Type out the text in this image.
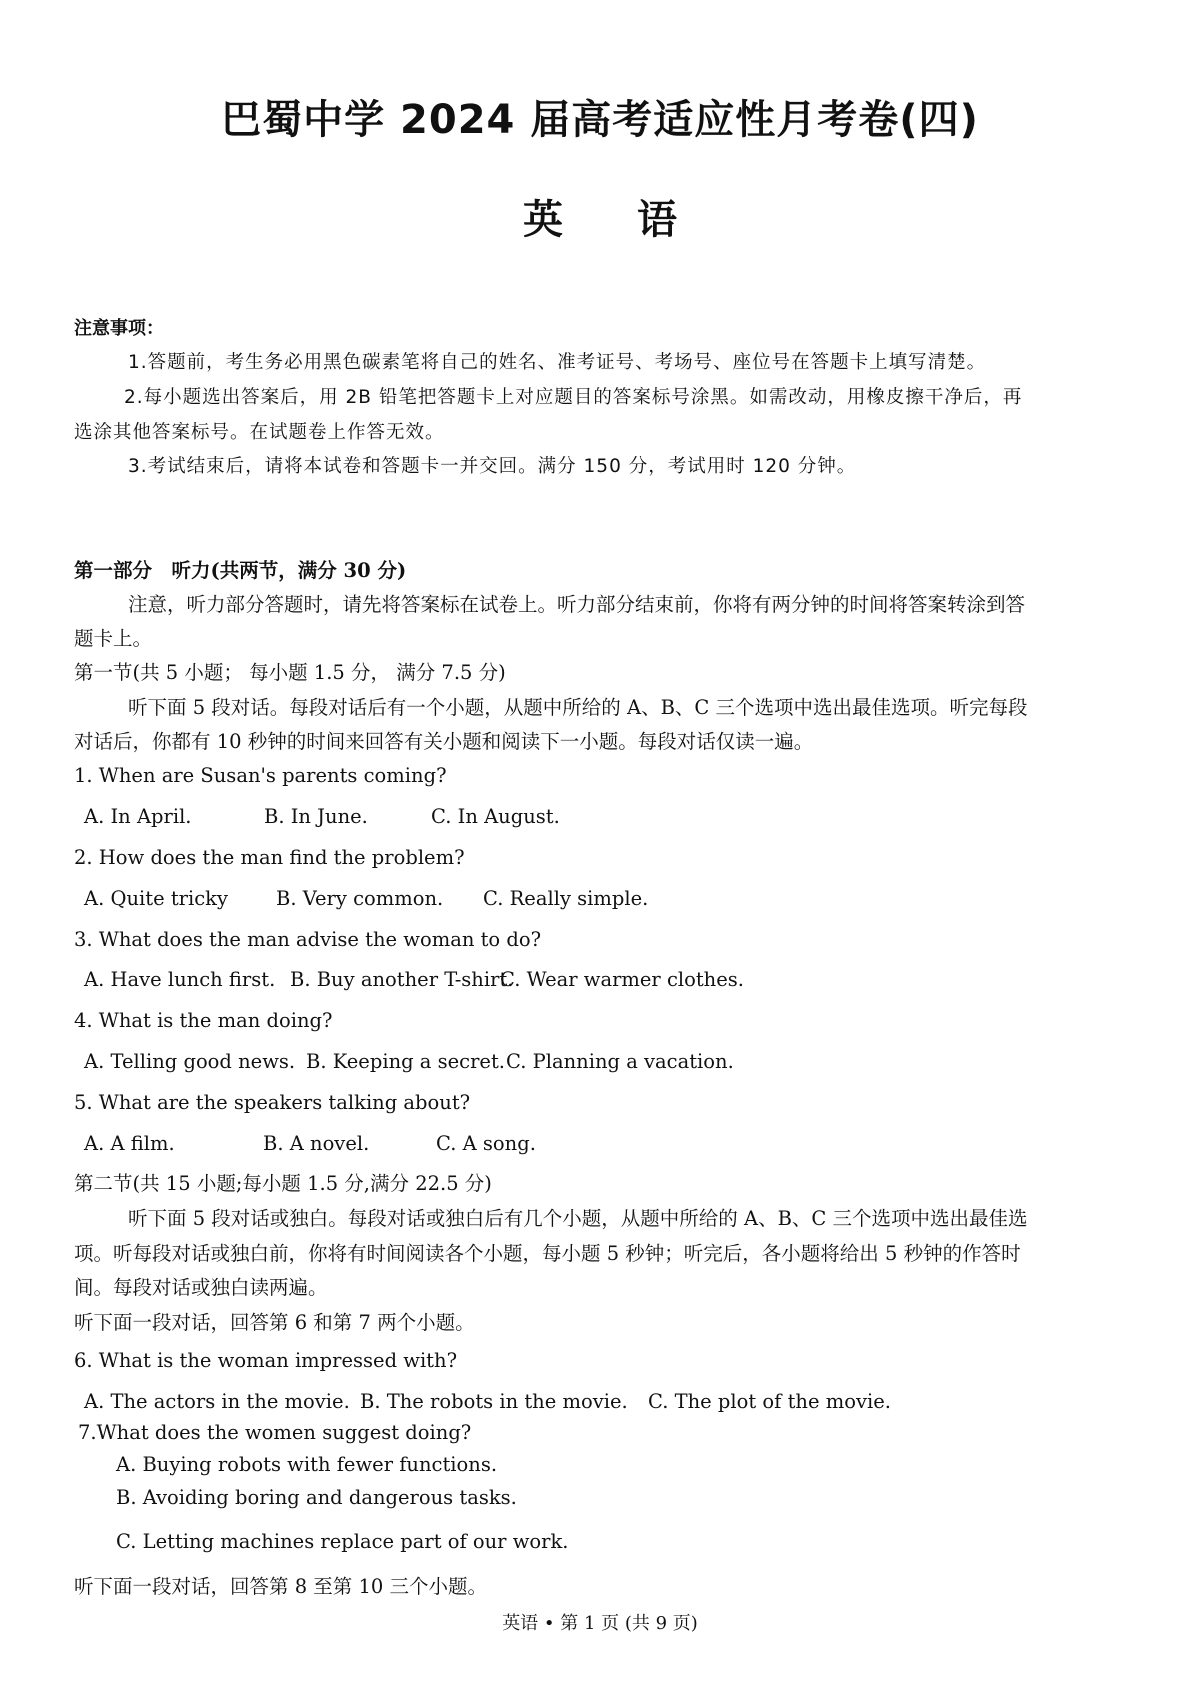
巴蜀中学 2024 届高考适应性月考卷(四)
英 语
注意事项：
1.答题前，考生务必用黑色碳素笔将自己的姓名、准考证号、考场号、座位号在答题卡上填写清楚。
2.每小题选出答案后，用 2B 铅笔把答题卡上对应题目的答案标号涂黑。如需改动，用橡皮擦干净后，再
选涂其他答案标号。在试题卷上作答无效。
3.考试结束后，请将本试卷和答题卡一并交回。满分 150 分，考试用时 120 分钟。
第一部分　听力(共两节，满分 30 分)
注意，听力部分答题时，请先将答案标在试卷上。听力部分结束前，你将有两分钟的时间将答案转涂到答
题卡上。
第一节(共 5 小题； 每小题 1.5 分， 满分 7.5 分)
听下面 5 段对话。每段对话后有一个小题，从题中所给的 A、B、C 三个选项中选出最佳选项。听完每段
对话后，你都有 10 秒钟的时间来回答有关小题和阅读下一小题。每段对话仅读一遍。
1. When are Susan's parents coming?
A. In April.	B. In June.	C. In August.
2. How does the man find the problem?
A. Quite tricky B. Very common. C. Really simple.
3. What does the man advise the woman to do?
A. Have lunch first. B. Buy another T-shirt.
C. Wear warmer clothes.
4. What is the man doing?
A. Telling good news. B. Keeping a secret. C. Planning a vacation.
5. What are the speakers talking about?
A. A film.	B. A novel.	C. A song.
第二节(共 15 小题;每小题 1.5 分,满分 22.5 分)
听下面 5 段对话或独白。每段对话或独白后有几个小题，从题中所给的 A、B、C 三个选项中选出最佳选
项。听每段对话或独白前，你将有时间阅读各个小题，每小题 5 秒钟；听完后，各小题将给出 5 秒钟的作答时
间。每段对话或独白读两遍。
听下面一段对话，回答第 6 和第 7 两个小题。
6. What is the woman impressed with?
A. The actors in the movie. B. The robots in the movie. C. The plot of the movie.
7.What does the women suggest doing?
A. Buying robots with fewer functions.
B. Avoiding boring and dangerous tasks.
C. Letting machines replace part of our work.
听下面一段对话，回答第 8 至第 10 三个小题。
英语 • 第 1 页 (共 9 页)
